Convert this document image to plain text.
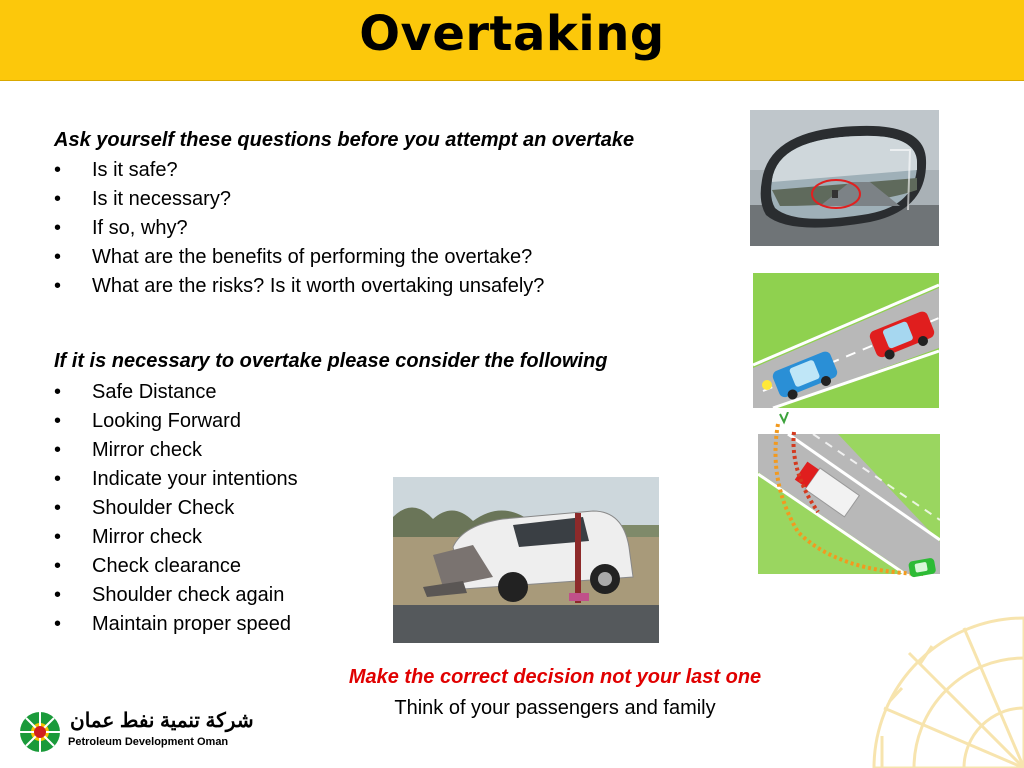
Overtaking
Ask yourself these questions before you attempt an overtake
• Is it safe?
• Is it necessary?
• If so, why?
• What are the benefits of performing the overtake?
• What are the risks? Is it worth overtaking unsafely?
If it is necessary to overtake please consider the following
• Safe Distance
• Looking Forward
• Mirror check
• Indicate your intentions
• Shoulder Check
• Mirror check
• Check clearance
• Shoulder check again
• Maintain proper speed
Make the correct decision not your last one
Think of your passengers and family
شركة تنمية نفط عمان
Petroleum Development Oman
